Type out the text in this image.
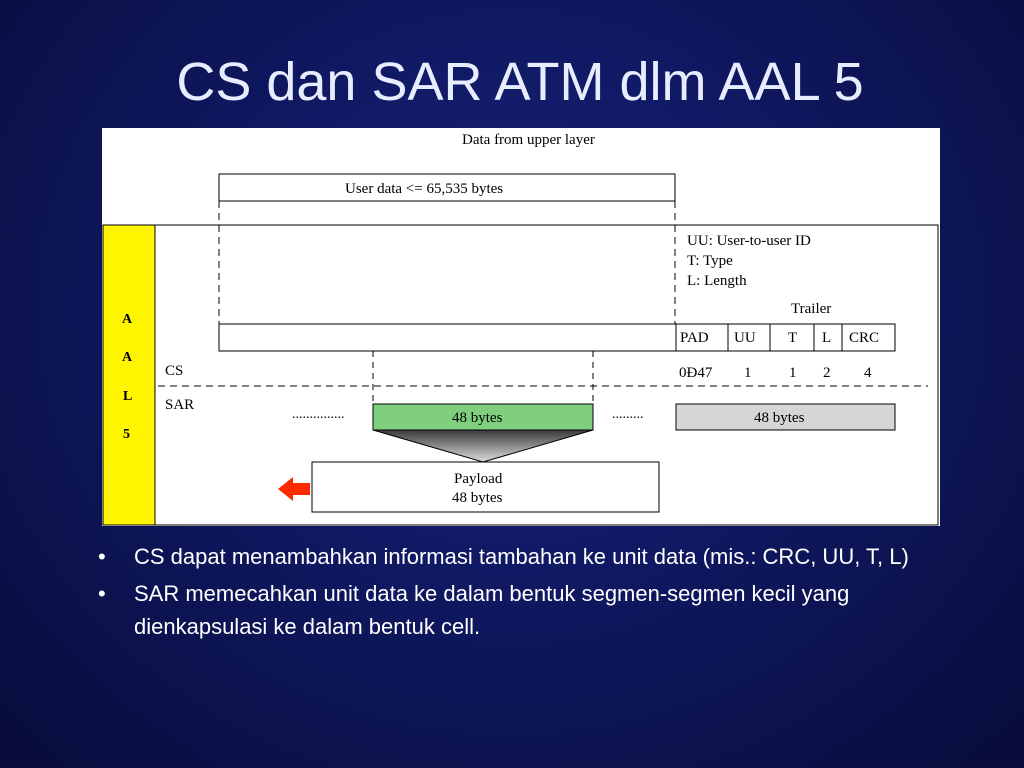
CS dan SAR ATM dlm AAL 5
Data from upper layer
User data <= 65,535 bytes
A
A
L
5
UU: User-to-user ID
T: Type
L: Length
Trailer
PAD UU T L CRC
CS
SAR
0Ð47 1	1 2 4
...............	48 bytes	.........	48 bytes
Payload
48 bytes
• CS dapat menambahkan informasi tambahan ke unit data (mis.: CRC, UU, T, L)
• SAR memecahkan unit data ke dalam bentuk segmen-segmen kecil yang dienkapsulasi ke dalam bentuk cell.
